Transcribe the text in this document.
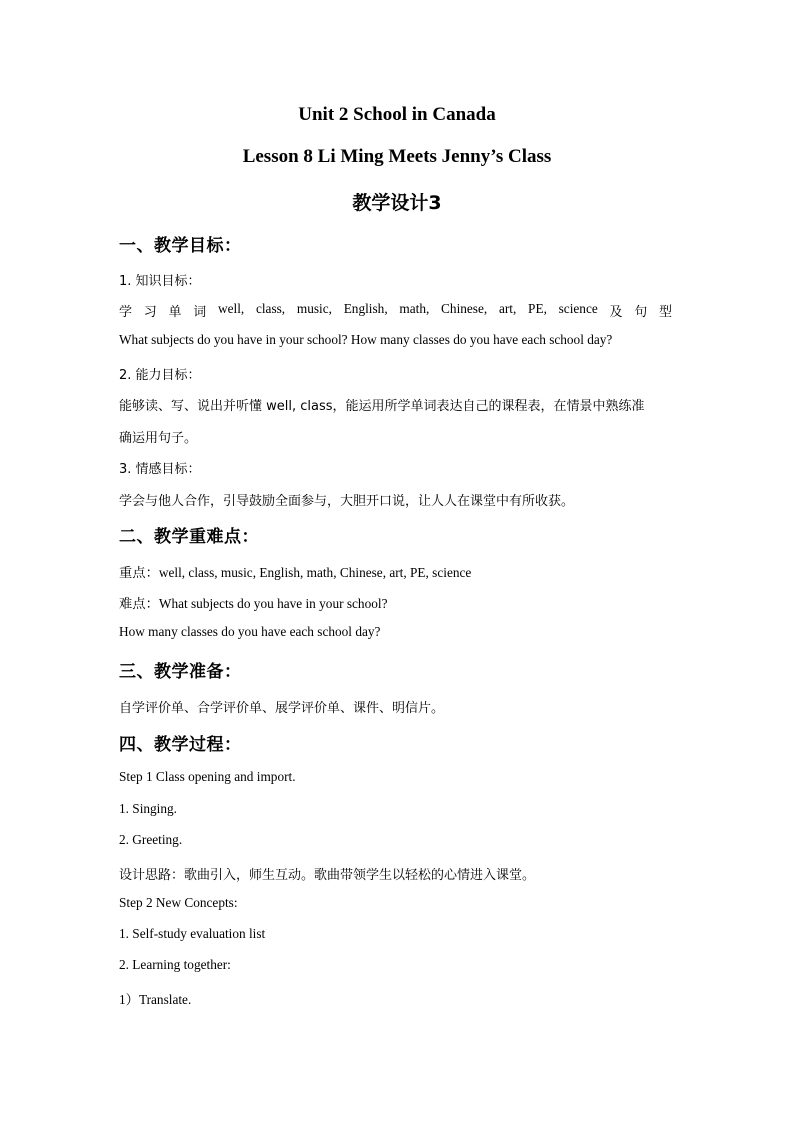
Unit 2 School in Canada
Lesson 8 Li Ming Meets Jenny’s Class
教学设计3
一、教学目标：
1. 知识目标：
学 习 单 词 well, class, music, English, math, Chinese, art, PE, science 及 句 型
What subjects do you have in your school? How many classes do you have each school day?
2. 能力目标：
能够读、写、说出并听懂 well, class，能运用所学单词表达自己的课程表，在情景中熟练准
确运用句子。
3. 情感目标：
学会与他人合作，引导鼓励全面参与，大胆开口说，让人人在课堂中有所收获。
二、教学重难点：
重点：well, class, music, English, math, Chinese, art, PE, science
难点：What subjects do you have in your school?
How many classes do you have each school day?
三、教学准备：
自学评价单、合学评价单、展学评价单、课件、明信片。
四、教学过程：
Step 1 Class opening and import.
1. Singing.
2. Greeting.
设计思路：歌曲引入，师生互动。歌曲带领学生以轻松的心情进入课堂。
Step 2 New Concepts:
1. Self-study evaluation list
2. Learning together:
1）Translate.
